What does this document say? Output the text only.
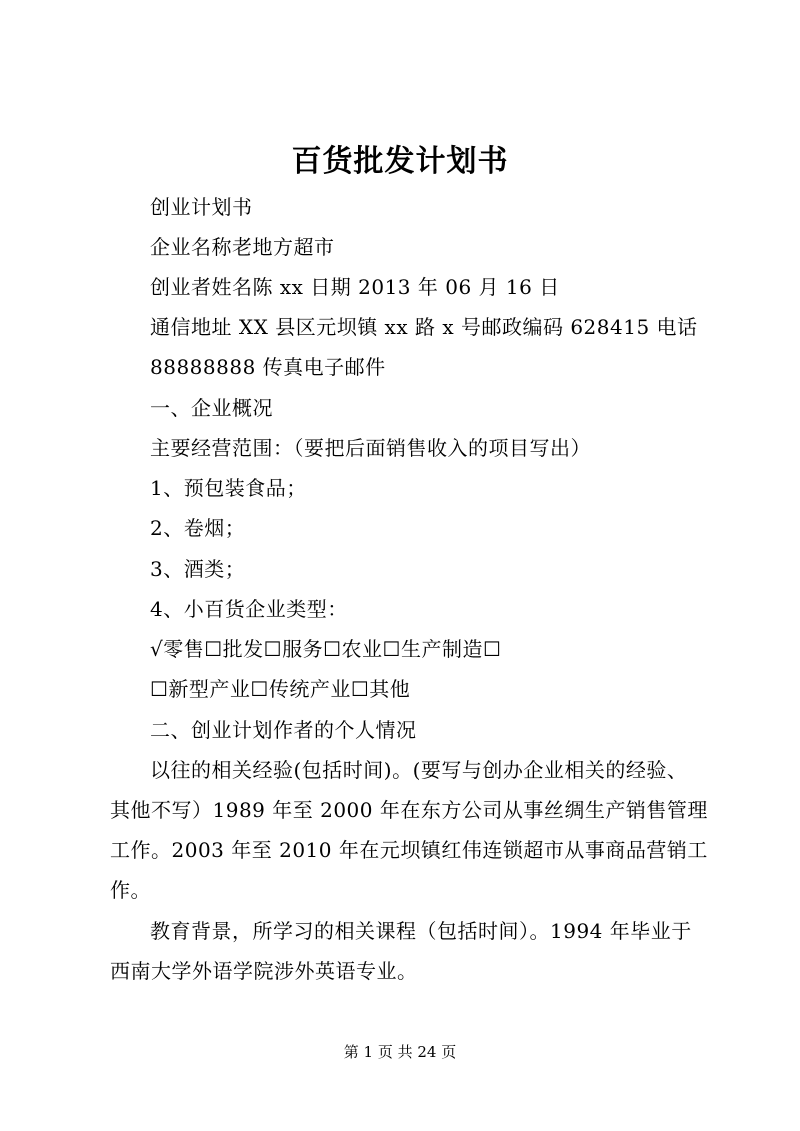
百货批发计划书
创业计划书
企业名称老地方超市
创业者姓名陈 xx 日期 2013 年 06 月 16 日
通信地址 XX 县区元坝镇 xx 路 x 号邮政编码 628415 电话
88888888 传真电子邮件
一、企业概况
主要经营范围：（要把后面销售收入的项目写出）
1、预包装食品；
2、卷烟；
3、酒类；
4、小百货企业类型：
√零售☐批发☐服务☐农业☐生产制造☐
☐新型产业☐传统产业☐其他
二、创业计划作者的个人情况
以往的相关经验(包括时间)。(要写与创办企业相关的经验、
其他不写）1989 年至 2000 年在东方公司从事丝绸生产销售管理
工作。2003 年至 2010 年在元坝镇红伟连锁超市从事商品营销工
作。
教育背景，所学习的相关课程（包括时间）。1994 年毕业于
西南大学外语学院涉外英语专业。
第 1 页 共 24 页
